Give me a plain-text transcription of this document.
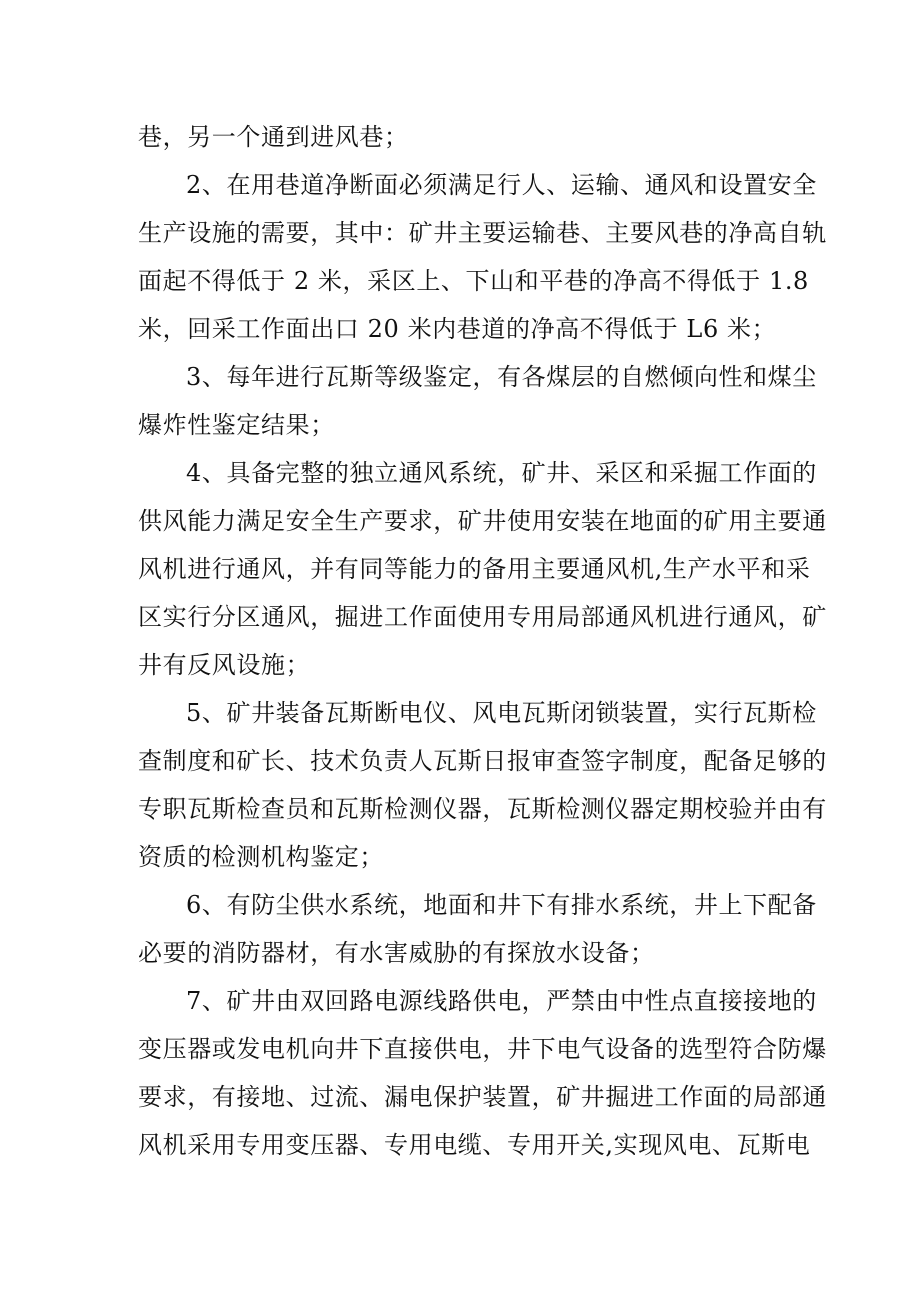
巷，另一个通到进风巷；
2、在用巷道净断面必须满足行人、运输、通风和设置安全
生产设施的需要，其中：矿井主要运输巷、主要风巷的净高自轨
面起不得低于 2 米，采区上、下山和平巷的净高不得低于 1.8
米，回采工作面出口 20 米内巷道的净高不得低于 L6 米；
3、每年进行瓦斯等级鉴定，有各煤层的自燃倾向性和煤尘
爆炸性鉴定结果；
4、具备完整的独立通风系统，矿井、采区和采掘工作面的
供风能力满足安全生产要求，矿井使用安装在地面的矿用主要通
风机进行通风，并有同等能力的备用主要通风机,生产水平和采
区实行分区通风，掘进工作面使用专用局部通风机进行通风，矿
井有反风设施；
5、矿井装备瓦斯断电仪、风电瓦斯闭锁装置，实行瓦斯检
查制度和矿长、技术负责人瓦斯日报审查签字制度，配备足够的
专职瓦斯检查员和瓦斯检测仪器，瓦斯检测仪器定期校验并由有
资质的检测机构鉴定；
6、有防尘供水系统，地面和井下有排水系统，井上下配备
必要的消防器材，有水害威胁的有探放水设备；
7、矿井由双回路电源线路供电，严禁由中性点直接接地的
变压器或发电机向井下直接供电，井下电气设备的选型符合防爆
要求，有接地、过流、漏电保护装置，矿井掘进工作面的局部通
风机采用专用变压器、专用电缆、专用开关,实现风电、瓦斯电
